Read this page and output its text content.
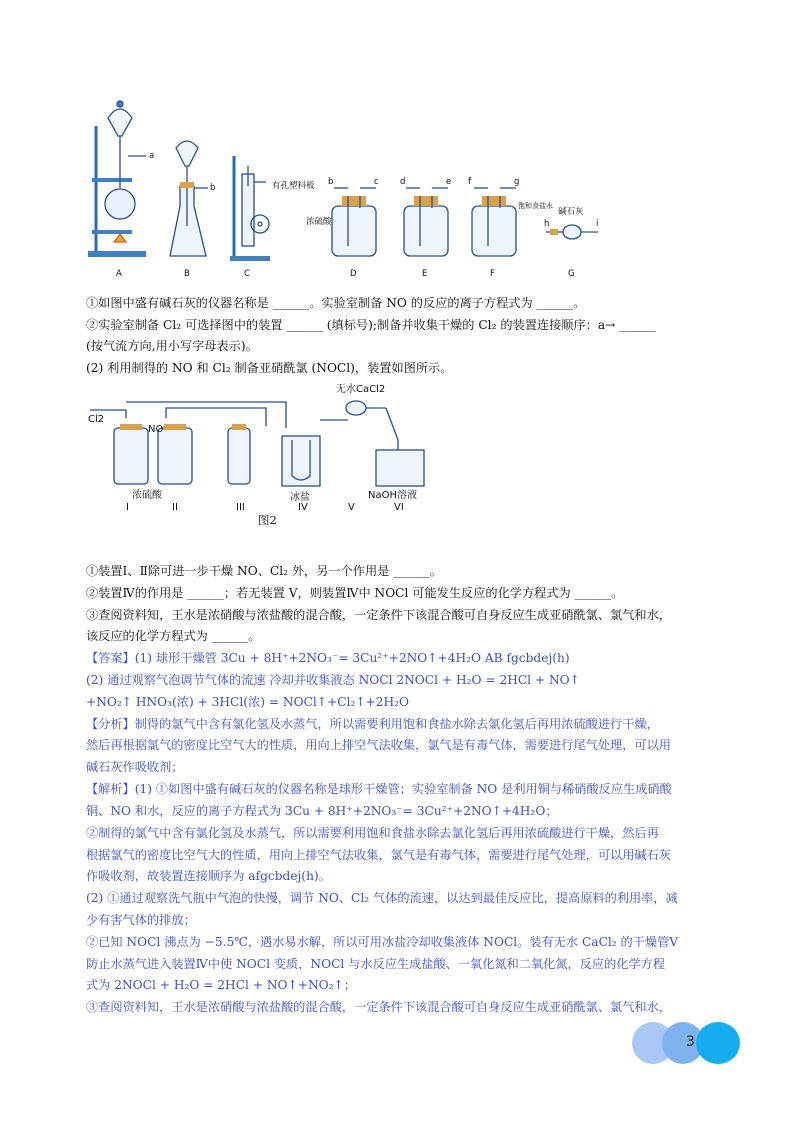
a
A
b
B
有孔塑料板
C
b	c
浓硫酸
D
d	e
E
f	g
饱和食盐水
F
碱石灰
h	i
G
①如图中盛有碱石灰的仪器名称是 ______。实验室制备 NO 的反应的离子方程式为 ______。
②实验室制备 Cl₂ 可选择图中的装置 ______ (填标号);制备并收集干燥的 Cl₂ 的装置连接顺序：a→ ______
(按气流方向,用小写字母表示)。
(2) 利用制得的 NO 和 Cl₂ 制备亚硝酰氯 (NOCl)，装置如图所示。
Cl2
NO
无水CaCl2
浓硫酸	冰盐	NaOH溶液
I	II	III	IV	V	VI
图2
①装置Ⅰ、Ⅱ除可进一步干燥 NO、Cl₂ 外，另一个作用是 ______。
②装置Ⅳ的作用是 ______；若无装置 V，则装置Ⅳ中 NOCl 可能发生反应的化学方程式为 ______。
③查阅资料知，王水是浓硝酸与浓盐酸的混合酸，一定条件下该混合酸可自身反应生成亚硝酰氯、氯气和水，
该反应的化学方程式为 ______。
【答案】(1) 球形干燥管 3Cu + 8H⁺+2NO₃⁻= 3Cu²⁺+2NO↑+4H₂O AB fgcbdej(h)
(2) 通过观察气泡调节气体的流速 冷却并收集液态 NOCl 2NOCl + H₂O = 2HCl + NO↑
+NO₂↑ HNO₃(浓) + 3HCl(浓) = NOCl↑+Cl₂↑+2H₂O
【分析】制得的氯气中含有氯化氢及水蒸气，所以需要利用饱和食盐水除去氯化氢后再用浓硫酸进行干燥，
然后再根据氯气的密度比空气大的性质，用向上排空气法收集，氯气是有毒气体，需要进行尾气处理，可以用
碱石灰作吸收剂；
【解析】(1) ①如图中盛有碱石灰的仪器名称是球形干燥管；实验室制备 NO 是利用铜与稀硝酸反应生成硝酸
铜、NO 和水，反应的离子方程式为 3Cu + 8H⁺+2NO₃⁻= 3Cu²⁺+2NO↑+4H₂O；
②制得的氯气中含有氯化氢及水蒸气，所以需要利用饱和食盐水除去氯化氢后再用浓硫酸进行干燥，然后再
根据氯气的密度比空气大的性质，用向上排空气法收集，氯气是有毒气体，需要进行尾气处理，可以用碱石灰
作吸收剂，故装置连接顺序为 afgcbdej(h)。
(2) ①通过观察洗气瓶中气泡的快慢，调节 NO、Cl₂ 气体的流速，以达到最佳反应比，提高原料的利用率，减
少有害气体的排放；
②已知 NOCl 沸点为 −5.5℃，遇水易水解，所以可用冰盐冷却收集液体 NOCl。装有无水 CaCl₂ 的干燥管Ⅴ
防止水蒸气进入装置Ⅳ中使 NOCl 变质，NOCl 与水反应生成盐酸、一氧化氮和二氧化氮，反应的化学方程
式为 2NOCl + H₂O = 2HCl + NO↑+NO₂↑；
③查阅资料知，王水是浓硝酸与浓盐酸的混合酸，一定条件下该混合酸可自身反应生成亚硝酰氯、氯气和水，
3
